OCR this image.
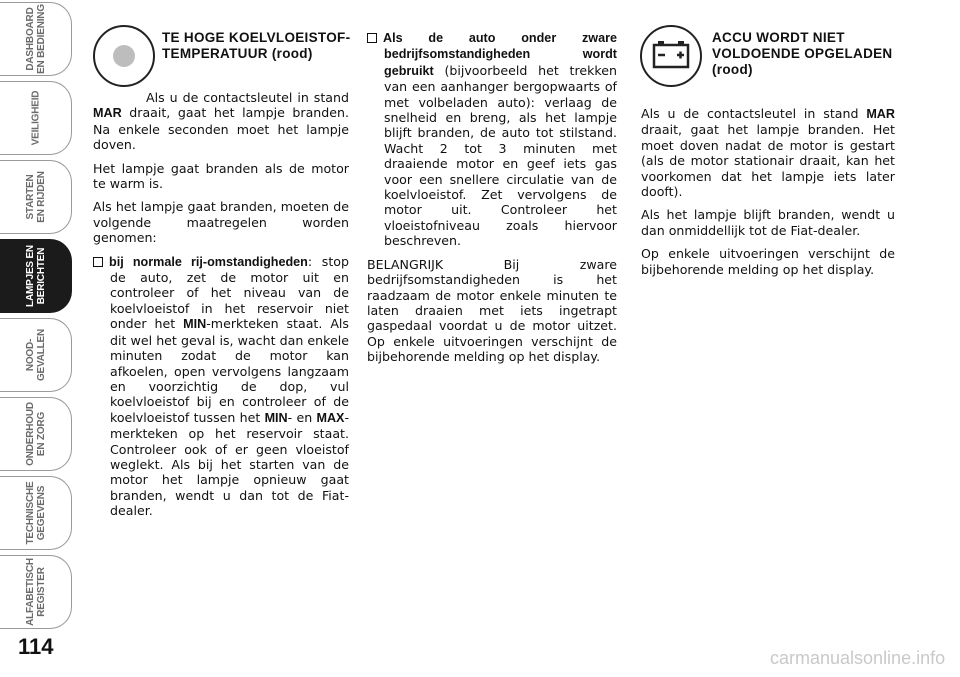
DASHBOARD
EN BEDIENING
VEILIGHEID
STARTEN
EN RIJDEN
LAMPJES EN
BERICHTEN
NOOD-
GEVALLEN
ONDERHOUD
EN ZORG
TECHNISCHE
GEGEVENS
ALFABETISCH
REGISTER
114
TE HOGE KOELVLOEISTOF-TEMPERATUUR (rood)

Als u de contactsleutel in stand MAR draait, gaat het lampje branden. Na enkele seconden moet het lampje doven.

Het lampje gaat branden als de motor te warm is.

Als het lampje gaat branden, moeten de volgende maatregelen worden genomen:

bij normale rij-omstandigheden: stop de auto, zet de motor uit en controleer of het niveau van de koelvloeistof in het reservoir niet onder het MIN-merkteken staat. Als dit wel het geval is, wacht dan enkele minuten zodat de motor kan afkoelen, open vervolgens langzaam en voorzichtig de dop, vul koelvloeistof bij en controleer of de koelvloeistof tussen het MIN- en MAX-merkteken op het reservoir staat. Controleer ook of er geen vloeistof weglekt. Als bij het starten van de motor het lampje opnieuw gaat branden, wendt u dan tot de Fiat-dealer.

Als de auto onder zware bedrijfsomstandigheden wordt gebruikt (bijvoorbeeld het trekken van een aanhanger bergopwaarts of met volbeladen auto): verlaag de snelheid en breng, als het lampje blijft branden, de auto tot stilstand. Wacht 2 tot 3 minuten met draaiende motor en geef iets gas voor een snellere circulatie van de koelvloeistof. Zet vervolgens de motor uit. Controleer het vloeistofniveau zoals hiervoor beschreven.

BELANGRIJK Bij zware bedrijfsomstandigheden is het raadzaam de motor enkele minuten te laten draaien met iets ingetrapt gaspedaal voordat u de motor uitzet. Op enkele uitvoeringen verschijnt de bijbehorende melding op het display.

ACCU WORDT NIET VOLDOENDE OPGELADEN (rood)

Als u de contactsleutel in stand MAR draait, gaat het lampje branden. Het moet doven nadat de motor is gestart (als de motor stationair draait, kan het voorkomen dat het lampje iets later dooft).

Als het lampje blijft branden, wendt u dan onmiddellijk tot de Fiat-dealer.

Op enkele uitvoeringen verschijnt de bijbehorende melding op het display.

carmanualsonline.info
